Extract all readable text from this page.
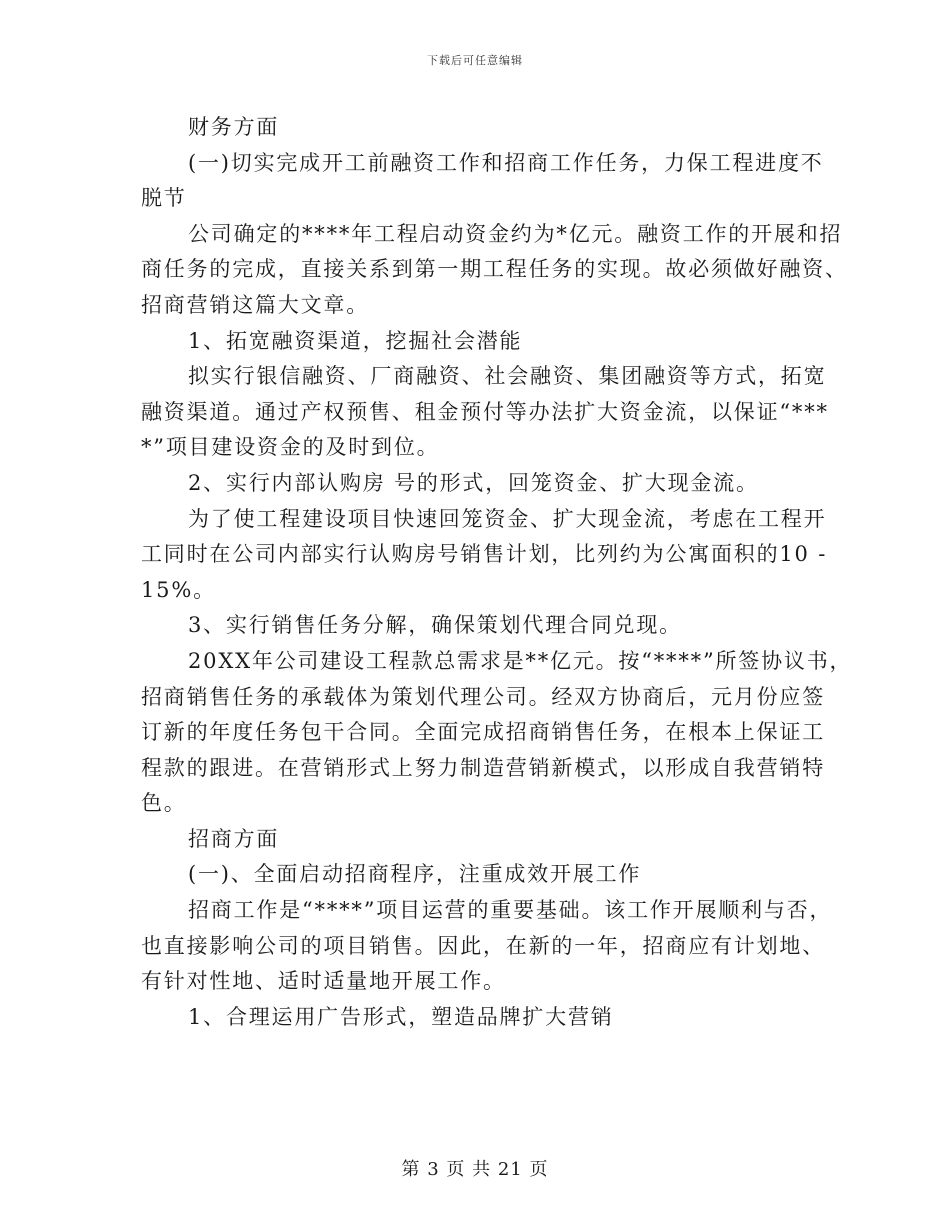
下载后可任意编辑
财务方面
(一)切实完成开工前融资工作和招商工作任务，力保工程进度不
脱节
公司确定的****年工程启动资金约为*亿元。融资工作的开展和招
商任务的完成，直接关系到第一期工程任务的实现。故必须做好融资、
招商营销这篇大文章。
1、拓宽融资渠道，挖掘社会潜能
拟实行银信融资、厂商融资、社会融资、集团融资等方式，拓宽
融资渠道。通过产权预售、租金预付等办法扩大资金流，以保证“***
*”项目建设资金的及时到位。
2、实行内部认购房 号的形式，回笼资金、扩大现金流。
为了使工程建设项目快速回笼资金、扩大现金流，考虑在工程开
工同时在公司内部实行认购房号销售计划，比列约为公寓面积的10 -
15%。
3、实行销售任务分解，确保策划代理合同兑现。
20XX年公司建设工程款总需求是**亿元。按“****”所签协议书，
招商销售任务的承载体为策划代理公司。经双方协商后，元月份应签
订新的年度任务包干合同。全面完成招商销售任务，在根本上保证工
程款的跟进。在营销形式上努力制造营销新模式，以形成自我营销特
色。
招商方面
(一)、全面启动招商程序，注重成效开展工作
招商工作是“****”项目运营的重要基础。该工作开展顺利与否，
也直接影响公司的项目销售。因此，在新的一年，招商应有计划地、
有针对性地、适时适量地开展工作。
1、合理运用广告形式，塑造品牌扩大营销
第 3 页 共 21 页
